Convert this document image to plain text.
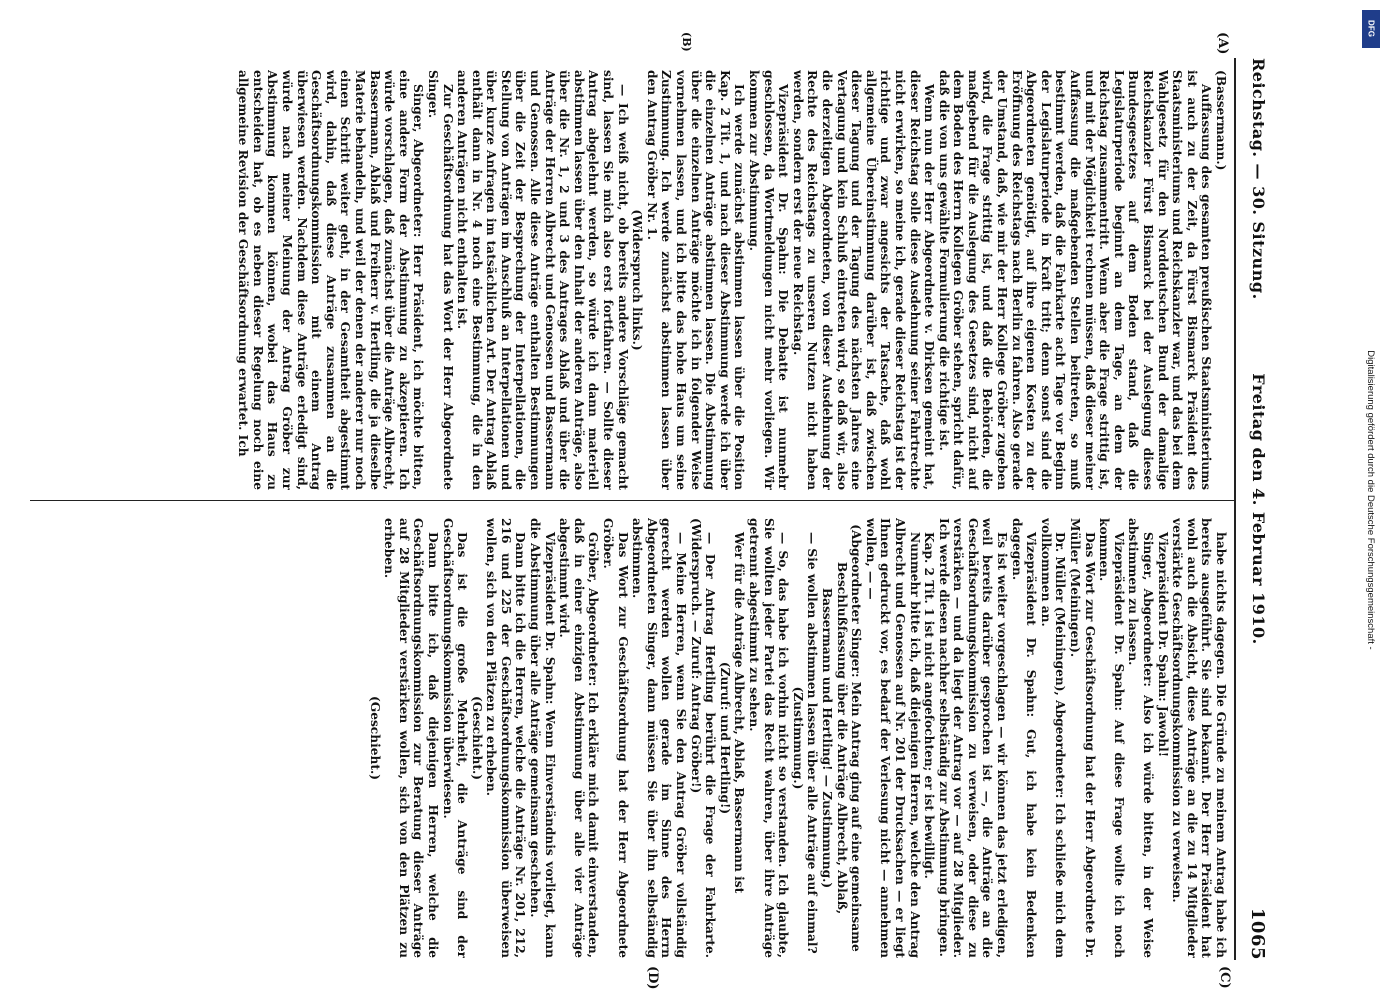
Reichstag. — 30. Sitzung.
Freitag den 4. Februar 1910.
1065
(A)
(B)
(C)
(D)

(Bassermann.)

Auffassung des gesamten preußischen Staatsministeriums ist auch zu der Zeit, da Fürst Bismarck Präsident des Staatsministeriums und Reichskanzler war, und das bei dem Wahlgesetz für den Norddeutschen Bund der damalige Reichskanzler Fürst Bismarck bei der Auslegung dieses Bundesgesetzes auf dem Boden stand, daß die Legislaturperiode beginnt an dem Tage, an dem der Reichstag zusammentritt. Wenn aber die Frage strittig ist, und mit der Möglichkeit rechnen müssen, daß dieser meiner Auffassung die maßgebenden Stellen beitreten, so muß bestimmt werden, daß die Fahrkarte acht Tage vor Beginn der Legislaturperiode in Kraft tritt; denn sonst sind die Abgeordneten genötigt, auf ihre eigenen Kosten zu der Eröffnung des Reichstags nach Berlin zu fahren. Also gerade der Umstand, daß, wie mir der Herr Kollege Gröber zugeben wird, die Frage strittig ist, und daß die Behörden, die maßgebend für die Auslegung des Gesetzes sind, nicht auf dem Boden des Herrn Kollegen Gröber stehen, spricht dafür, daß die von uns gewählte Formulierung die richtige ist.

Wenn nun der Herr Abgeordnete v. Dirksen gemeint hat, dieser Reichstag solle diese Ausdehnung seiner Fahrtrechte nicht erwirken, so meine ich, gerade dieser Reichstag ist der richtige und zwar angesichts der Tatsache, daß wohl allgemeine Übereinstimmung darüber ist, daß zwischen dieser Tagung und der Tagung des nächsten Jahres eine Vertagung und kein Schluß eintreten wird, so daß wir, also die derzeitigen Abgeordneten, von dieser Ausdehnung der Rechte des Reichstags zu unseren Nutzen nicht haben werden, sondern erst der neue Reichstag.

Vizepräsident Dr. Spahn: Die Debatte ist nunmehr geschlossen, da Wortmeldungen nicht mehr vorliegen. Wir kommen zur Abstimmung.

Ich werde zunächst abstimmen lassen über die Position Kap. 2 Tit. 1, und nach dieser Abstimmung werde ich über die einzelnen Anträge abstimmen lassen. Die Abstimmung über die einzelnen Anträge möchte ich in folgender Weise vornehmen lassen, und ich bitte das hohe Haus um seine Zustimmung. Ich werde zunächst abstimmen lassen über den Antrag Gröber Nr. 1.

(Widerspruch links.)

— Ich weiß nicht, ob bereits andere Vorschläge gemacht sind, lassen Sie mich also erst fortfahren. — Sollte dieser Antrag abgelehnt werden, so würde ich dann materiell abstimmen lassen über den Inhalt der anderen Anträge, also über die Nr. 1, 2 und 3 des Antrages Ablaß und über die Anträge der Herren Albrecht und Genossen und Bassermann und Genossen. Alle diese Anträge enthalten Bestimmungen über die Zeit der Besprechung der Interpellationen, die Stellung von Anträgen im Anschluß an Interpellationen und über kurze Anfragen im tatsächlichen Art. Der Antrag Ablaß enthält dann in Nr. 4 noch eine Bestimmung, die in den anderen Anträgen nicht enthalten ist.

Zur Geschäftsordnung hat das Wort der Herr Abgeordnete Singer.

Singer, Abgeordneter: Herr Präsident, ich möchte bitten, eine andere Form der Abstimmung zu akzeptieren. Ich würde vorschlagen, daß zunächst über die Anträge Albrecht, Bassermann, Ablaß und Freiherr v. Hertling, die ja dieselbe Materie behandeln, und weil der denen der anderer nur noch einen Schritt weiter geht, in der Gesamtheit abgestimmt wird, dahin, daß diese Anträge zusammen an die Geschäftsordnungskommission mit einem Antrag überwiesen werden. Nachdem diese Anträge erledigt sind, würde nach meiner Meinung der Antrag Gröber zur Abstimmung kommen können, wobei das Haus zu entscheiden hat, ob es neben dieser Regelung noch eine allgemeine Revision der Geschäftsordnung erwartet. Ich

habe nichts dagegen. Die Gründe zu meinem Antrag habe ich bereits ausgeführt. Sie sind bekannt. Der Herr Präsident hat wohl auch die Absicht, diese Anträge an die zu 14 Mitglieder verstärkte Geschäftsordnungskommission zu verweisen.

Vizepräsident Dr. Spahn: Jawohl!

Singer, Abgeordneter: Also ich würde bitten, in der Weise abstimmen zu lassen.

Vizepräsident Dr. Spahn: Auf diese Frage wollte ich noch kommen.

Das Wort zur Geschäftsordnung hat der Herr Abgeordnete Dr. Müller (Meiningen).

Dr. Müller (Meiningen), Abgeordneter: Ich schließe mich dem vollkommen an.

Vizepräsident Dr. Spahn: Gut, ich habe kein Bedenken dagegen.

Es ist weiter vorgeschlagen — wir können das jetzt erledigen, weil bereits darüber gesprochen ist —, die Anträge an die Geschäftsordnungskommission zu verweisen, oder diese zu verstärken — und da liegt der Antrag vor — auf 28 Mitglieder. Ich werde diesen nachher selbständig zur Abstimmung bringen.

Kap. 2 Tit. 1 ist nicht angefochten; er ist bewilligt.

Nunmehr bitte ich, daß diejenigen Herren, welche den Antrag Albrecht und Genossen auf Nr. 201 der Drucksachen — er liegt Ihnen gedruckt vor, es bedarf der Verlesung nicht — annehmen wollen, — —

(Abgeordneter Singer: Mein Antrag ging auf eine gemeinsame Beschlußfassung über die Anträge Albrecht, Ablaß, Bassermann und Hertling! — Zustimmung.)

— Sie wollen abstimmen lassen über alle Anträge auf einmal?

(Zustimmung.)

— So, das habe ich vorhin nicht so verstanden. Ich glaubte, Sie wollten jeder Partei das Recht wahren, über ihre Anträge getrennt abgestimmt zu sehen.

Wer für die Anträge Albrecht, Ablaß, Bassermann ist

(Zuruf: und Hertling!)

— Der Antrag Hertling berührt die Frage der Fahrkarte. (Widerspruch. — Zuruf: Antrag Gröber!)

— Meine Herren, wenn Sie den Antrag Gröber vollständig gerecht werden wollen gerade im Sinne des Herrn Abgeordneten Singer, dann müssen Sie über ihn selbständig abstimmen.

Das Wort zur Geschäftsordnung hat der Herr Abgeordnete Gröber.

Gröber, Abgeordneter: Ich erkläre mich damit einverstanden, daß in einer einzigen Abstimmung über alle vier Anträge abgestimmt wird.

Vizepräsident Dr. Spahn: Wenn Einverständnis vorliegt, kann die Abstimmung über alle Anträge gemeinsam geschehen.

Dann bitte ich die Herren, welche die Anträge Nr. 201, 212, 216 und 225 der Geschäftsordnungskommission überweisen wollen, sich von den Plätzen zu erheben.

(Geschieht.)

Das ist die große Mehrheit, die Anträge sind der Geschäftsordnungskommission überwiesen.

Dann bitte ich, daß diejenigen Herren, welche die Geschäftsordnungskommission zur Beratung dieser Anträge auf 28 Mitglieder verstärken wollen, sich von den Plätzen zu erheben.

(Geschieht.)

Digitalisierung gefördert durch die Deutsche Forschungsgemeinschaft -
DFG
